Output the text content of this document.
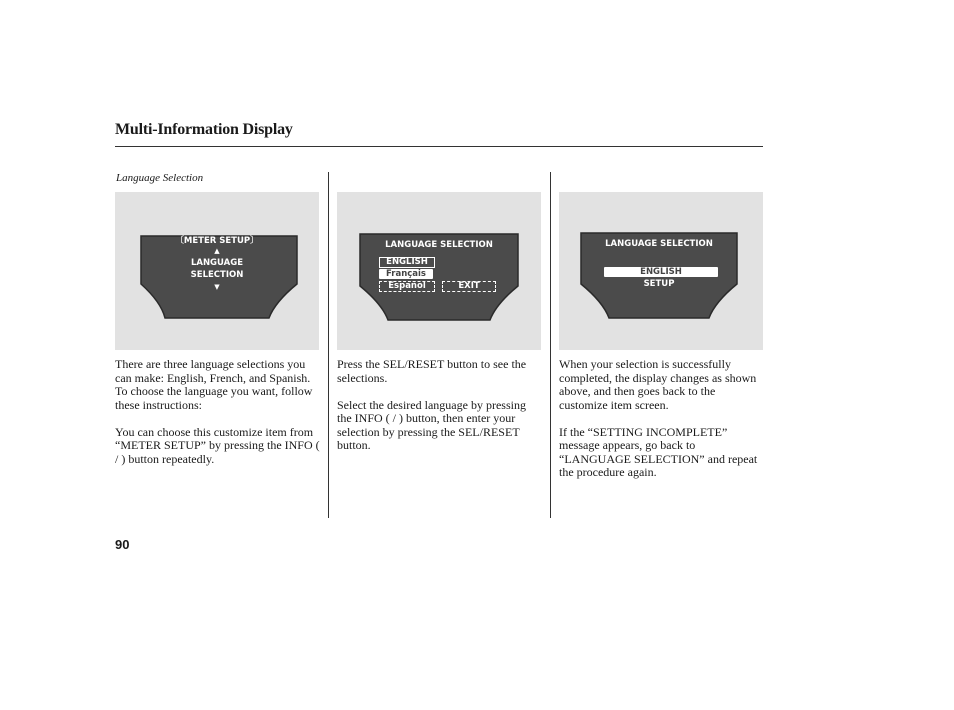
Multi-Information Display
Language Selection
〔METER SETUP〕
▲
LANGUAGE
SELECTION
▼
LANGUAGE SELECTION
ENGLISH
Français
Español	EXIT
LANGUAGE SELECTION
ENGLISH
SETUP

There are three language selections you can make: English, French, and Spanish. To choose the language you want, follow these instructions:

You can choose this customize item from “METER SETUP” by pressing the INFO ( / ) button repeatedly.

Press the SEL/RESET button to see the selections.

Select the desired language by pressing the INFO ( / ) button, then enter your selection by pressing the SEL/RESET button.

When your selection is successfully completed, the display changes as shown above, and then goes back to the customize item screen.

If the “SETTING INCOMPLETE” message appears, go back to “LANGUAGE SELECTION” and repeat the procedure again.

90
